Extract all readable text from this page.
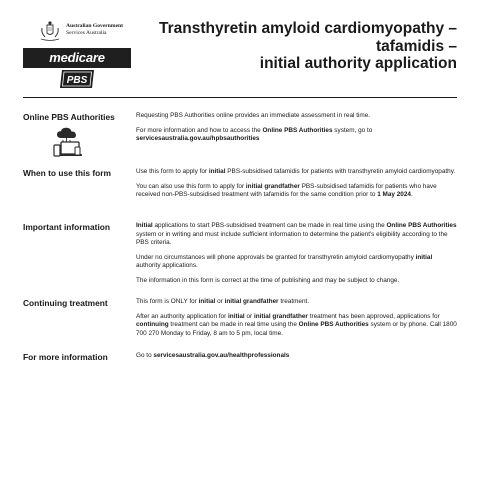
Australian Government
Services Australia
medicare
PBS
Transthyretin amyloid cardiomyopathy –
tafamidis –
initial authority application
Online PBS Authorities	Requesting PBS Authorities online provides an immediate assessment in real time.

For more information and how to access the Online PBS Authorities system, go to servicesaustralia.gov.au/hpbsauthorities

When to use this form	Use this form to apply for initial PBS-subsidised tafamidis for patients with transthyretin amyloid cardiomyopathy.

You can also use this form to apply for initial grandfather PBS-subsidised tafamidis for patients who have received non-PBS-subsidised treatment with tafamidis for the same condition prior to 1 May 2024.

Important information	Initial applications to start PBS-subsidised treatment can be made in real time using the Online PBS Authorities system or in writing and must include sufficient information to determine the patient's eligibility according to the PBS criteria.

Under no circumstances will phone approvals be granted for transthyretin amyloid cardiomyopathy initial authority applications.

The information in this form is correct at the time of publishing and may be subject to change.

Continuing treatment	This form is ONLY for initial or initial grandfather treatment.

After an authority application for initial or initial grandfather treatment has been approved, applications for continuing treatment can be made in real time using the Online PBS Authorities system or by phone. Call 1800 700 270 Monday to Friday, 8 am to 5 pm, local time.

For more information	Go to servicesaustralia.gov.au/healthprofessionals
